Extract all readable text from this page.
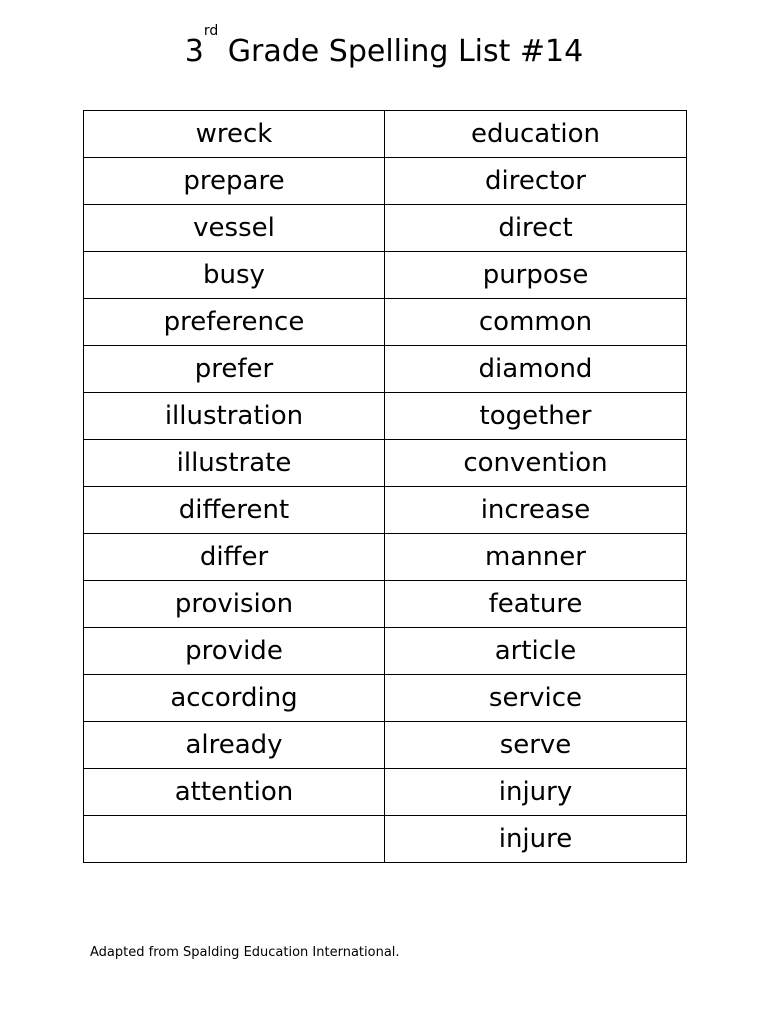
3rd Grade Spelling List #14
wreck	education
prepare	director
vessel	direct
busy	purpose
preference	common
prefer	diamond
illustration	together
illustrate	convention
different	increase
differ	manner
provision	feature
provide	article
according	service
already	serve
attention	injury
	injure

Adapted from Spalding Education International.
